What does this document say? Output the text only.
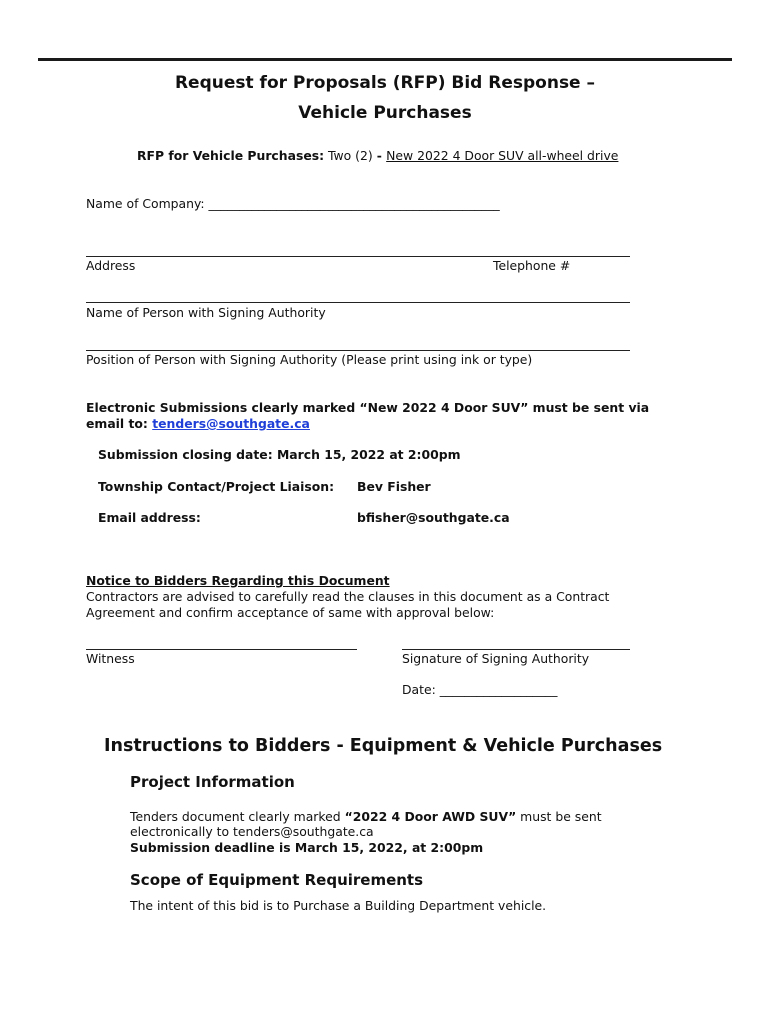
Request for Proposals (RFP) Bid Response –
Vehicle Purchases
RFP for Vehicle Purchases: Two (2) - New 2022 4 Door SUV all-wheel drive
Name of Company: _______________________________________________
Address	Telephone #
Name of Person with Signing Authority
Position of Person with Signing Authority (Please print using ink or type)
Electronic Submissions clearly marked “New 2022 4 Door SUV” must be sent via
email to: tenders@southgate.ca
Submission closing date: March 15, 2022 at 2:00pm
Township Contact/Project Liaison: Bev Fisher
Email address:	bfisher@southgate.ca
Notice to Bidders Regarding this Document
Contractors are advised to carefully read the clauses in this document as a Contract
Agreement and confirm acceptance of same with approval below:
Witness	Signature of Signing Authority
Date: ___________________
Instructions to Bidders - Equipment & Vehicle Purchases
Project Information
Tenders document clearly marked “2022 4 Door AWD SUV” must be sent
electronically to tenders@southgate.ca
Submission deadline is March 15, 2022, at 2:00pm
Scope of Equipment Requirements
The intent of this bid is to Purchase a Building Department vehicle.
